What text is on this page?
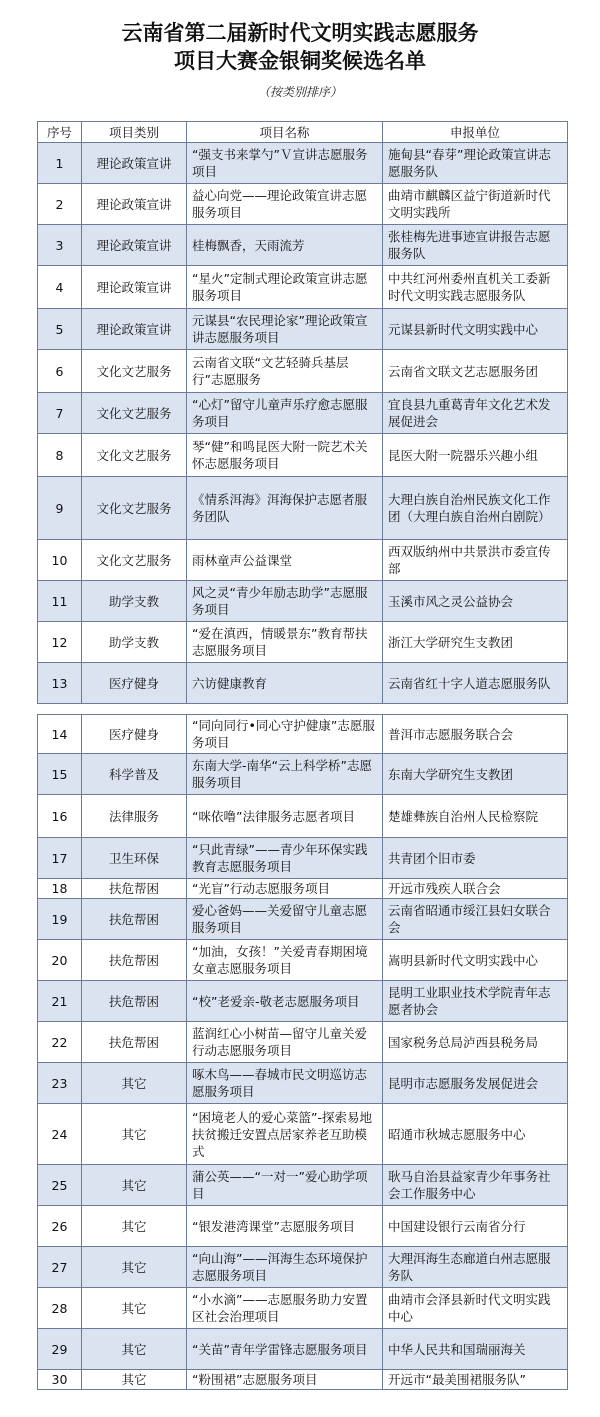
云南省第二届新时代文明实践志愿服务
项目大赛金银铜奖候选名单
（按类别排序）
序号	项目类别	项目名称	申报单位
1	理论政策宣讲	“强支书来掌勺”Ｖ宣讲志愿服务项目	施甸县“春芽”理论政策宣讲志愿服务队
2	理论政策宣讲	益心向党——理论政策宣讲志愿服务项目	曲靖市麒麟区益宁街道新时代文明实践所
3	理论政策宣讲	桂梅飘香，天雨流芳	张桂梅先进事迹宣讲报告志愿服务队
4	理论政策宣讲	“星火”定制式理论政策宣讲志愿服务项目	中共红河州委州直机关工委新时代文明实践志愿服务队
5	理论政策宣讲	元谋县“农民理论家”理论政策宣讲志愿服务项目	元谋县新时代文明实践中心
6	文化文艺服务	云南省文联“文艺轻骑兵基层行”志愿服务	云南省文联文艺志愿服务团
7	文化文艺服务	“心灯”留守儿童声乐疗愈志愿服务项目	宜良县九重葛青年文化艺术发展促进会
8	文化文艺服务	琴“健”和鸣昆医大附一院艺术关怀志愿服务项目	昆医大附一院器乐兴趣小组
9	文化文艺服务	《情系洱海》洱海保护志愿者服务团队	大理白族自治州民族文化工作团（大理白族自治州白剧院）
10	文化文艺服务	雨林童声公益课堂	西双版纳州中共景洪市委宣传部
11	助学支教	风之灵“青少年励志助学”志愿服务项目	玉溪市风之灵公益协会
12	助学支教	“爱在滇西，情暖景东”教育帮扶志愿服务项目	浙江大学研究生支教团
13	医疗健身	六访健康教育	云南省红十字人道志愿服务队

14	医疗健身	“同向同行•同心守护健康”志愿服务项目	普洱市志愿服务联合会
15	科学普及	东南大学-南华“云上科学桥”志愿服务项目	东南大学研究生支教团
16	法律服务	“咪依噜”法律服务志愿者项目	楚雄彝族自治州人民检察院
17	卫生环保	“只此青绿”——青少年环保实践教育志愿服务项目	共青团个旧市委
18	扶危帮困	“光盲”行动志愿服务项目	开远市残疾人联合会
19	扶危帮困	爱心爸妈——关爱留守儿童志愿服务项目	云南省昭通市绥江县妇女联合会
20	扶危帮困	“加油，女孩！”关爱青春期困境女童志愿服务项目	嵩明县新时代文明实践中心
21	扶危帮困	“校”老爱亲-敬老志愿服务项目	昆明工业职业技术学院青年志愿者协会
22	扶危帮困	蓝润红心小树苗—留守儿童关爱行动志愿服务项目	国家税务总局泸西县税务局
23	其它	啄木鸟——春城市民文明巡访志愿服务项目	昆明市志愿服务发展促进会
24	其它	“困境老人的爱心菜篮”-探索易地扶贫搬迁安置点居家养老互助模式	昭通市秋城志愿服务中心
25	其它	蒲公英——“一对一”爱心助学项目	耿马自治县益家青少年事务社会工作服务中心
26	其它	“银发港湾课堂”志愿服务项目	中国建设银行云南省分行
27	其它	“向山海”——洱海生态环境保护志愿服务项目	大理洱海生态廊道白州志愿服务队
28	其它	“小水滴”——志愿服务助力安置区社会治理项目	曲靖市会泽县新时代文明实践中心
29	其它	“关苗”青年学雷锋志愿服务项目	中华人民共和国瑞丽海关
30	其它	“粉围裙”志愿服务项目	开远市“最美围裙服务队”
